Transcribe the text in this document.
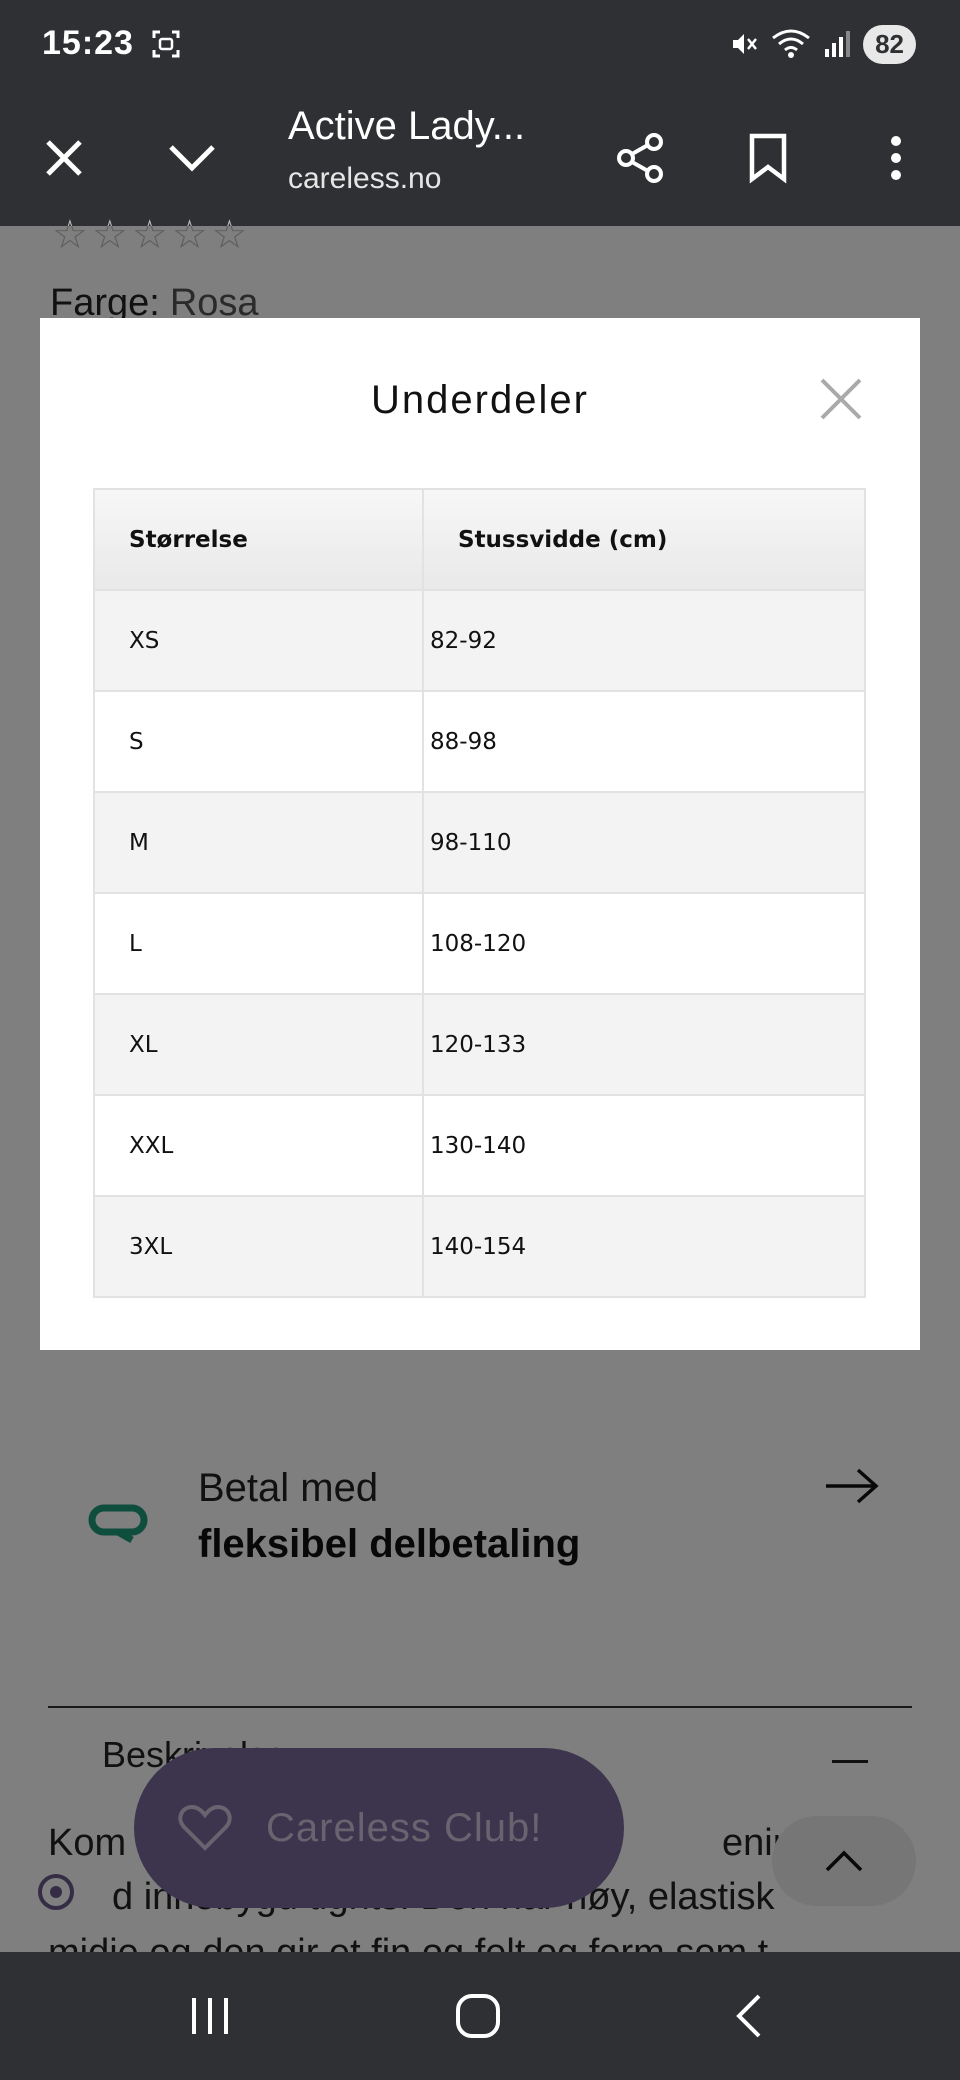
15:23	82
Active Lady...
careless.no
Underdeler
Størrelse	Stussvidde (cm)
XS	82-92
S	88-98
M	98-110
L	108-120
XL	120-133
XXL	130-140
3XL	140-154
